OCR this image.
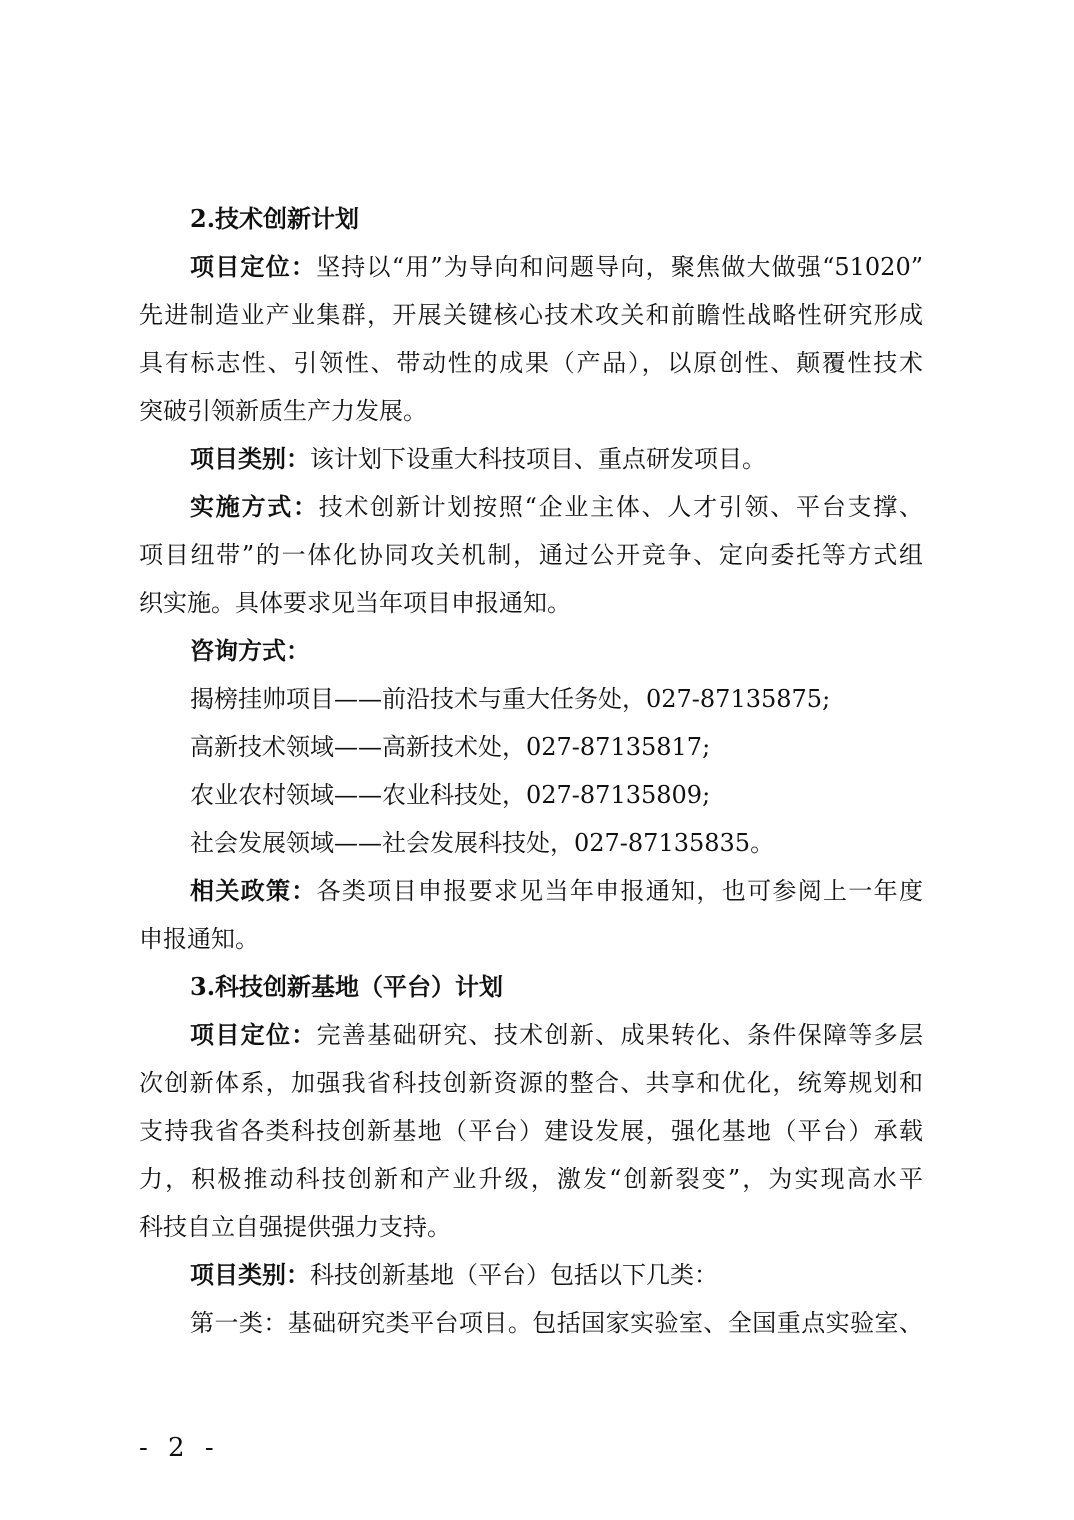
2.技术创新计划
项目定位：坚持以“用”为导向和问题导向，聚焦做大做强“51020”
先进制造业产业集群，开展关键核心技术攻关和前瞻性战略性研究形成
具有标志性、引领性、带动性的成果（产品），以原创性、颠覆性技术
突破引领新质生产力发展。
项目类别：该计划下设重大科技项目、重点研发项目。
实施方式：技术创新计划按照“企业主体、人才引领、平台支撑、
项目纽带”的一体化协同攻关机制，通过公开竞争、定向委托等方式组
织实施。具体要求见当年项目申报通知。
咨询方式：
揭榜挂帅项目——前沿技术与重大任务处，027-87135875;
高新技术领域——高新技术处，027-87135817;
农业农村领域——农业科技处，027-87135809;
社会发展领域——社会发展科技处，027-87135835。
相关政策：各类项目申报要求见当年申报通知，也可参阅上一年度
申报通知。
3.科技创新基地（平台）计划
项目定位：完善基础研究、技术创新、成果转化、条件保障等多层
次创新体系，加强我省科技创新资源的整合、共享和优化，统筹规划和
支持我省各类科技创新基地（平台）建设发展，强化基地（平台）承载
力，积极推动科技创新和产业升级，激发“创新裂变”，为实现高水平
科技自立自强提供强力支持。
项目类别：科技创新基地（平台）包括以下几类：
第一类：基础研究类平台项目。包括国家实验室、全国重点实验室、
- 2 -
